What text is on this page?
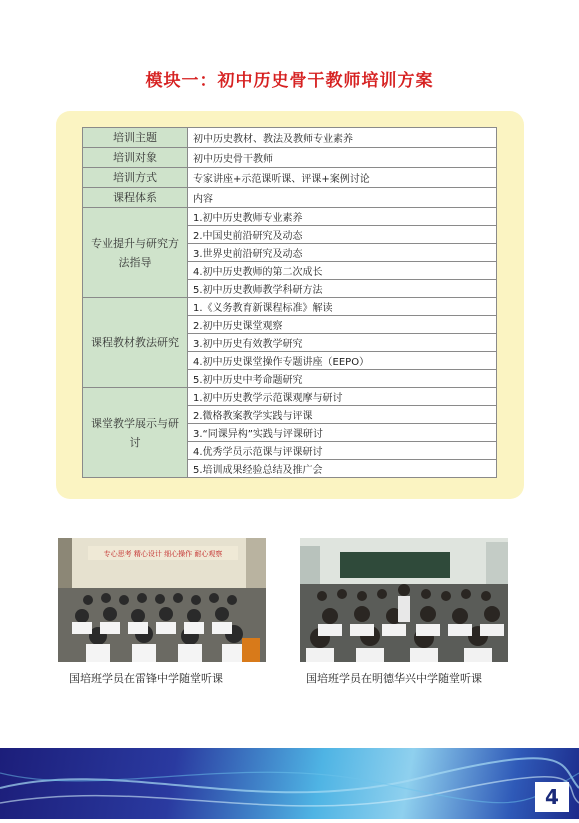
模块一：初中历史骨干教师培训方案
培训主题	初中历史教材、教法及教师专业素养
培训对象	初中历史骨干教师
培训方式	专家讲座+示范课听课、评课+案例讨论
课程体系	内容
专业提升与研究方法指导	1.初中历史教师专业素养
	2.中国史前沿研究及动态
	3.世界史前沿研究及动态
	4.初中历史教师的第二次成长
	5.初中历史教师教学科研方法
课程教材教法研究	1.《义务教育新课程标准》解读
	2.初中历史课堂观察
	3.初中历史有效教学研究
	4.初中历史课堂操作专题讲座（EEPO）
	5.初中历史中考命题研究
课堂教学展示与研讨	1.初中历史教学示范课观摩与研讨
	2.微格教案教学实践与评课
	3.“同课异构”实践与评课研讨
	4.优秀学员示范课与评课研讨
	5.培训成果经验总结及推广会
专心思考 精心设计 细心操作 耐心观察
国培班学员在雷锋中学随堂听课	国培班学员在明德华兴中学随堂听课
4
